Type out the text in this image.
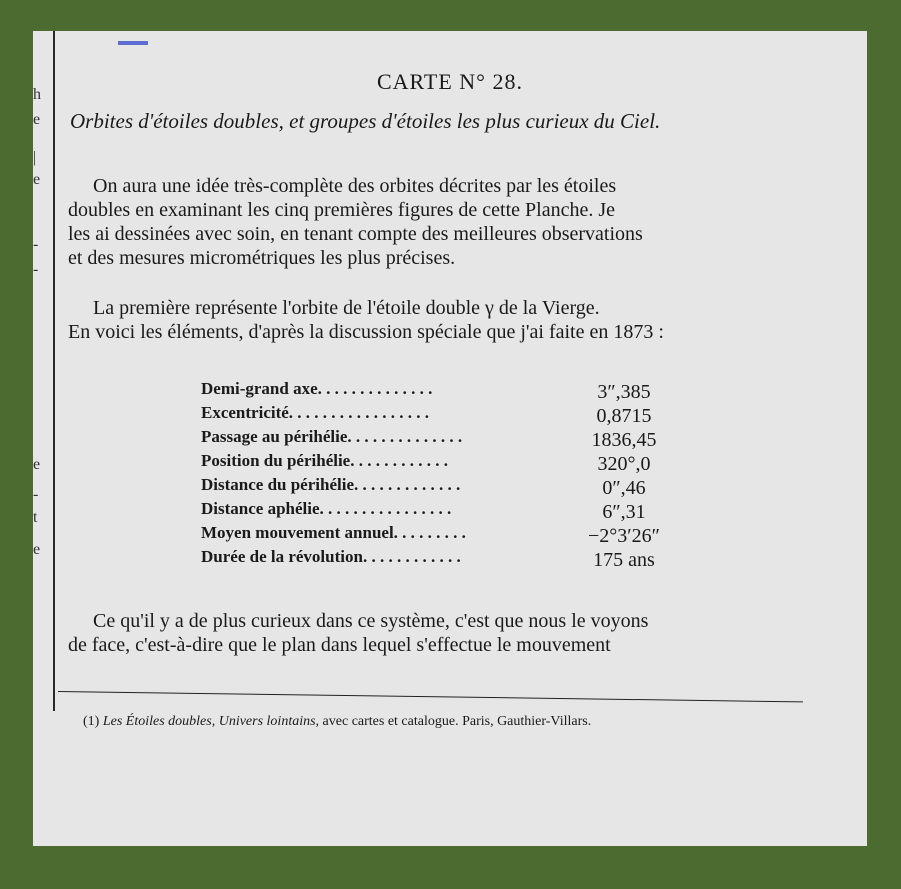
h
e
|
e
-
-
e
-
t
e
CARTE N° 28.
Orbites d'étoiles doubles, et groupes d'étoiles les plus curieux du Ciel.
On aura une idée très-complète des orbites décrites par les étoiles
doubles en examinant les cinq premières figures de cette Planche. Je
les ai dessinées avec soin, en tenant compte des meilleures observations
et des mesures micrométriques les plus précises.
La première représente l'orbite de l'étoile double γ de la Vierge.
En voici les éléments, d'après la discussion spéciale que j'ai faite en 1873 :
Demi-grand axe. . . . . . . . . . . . . .	3″,385
Excentricité. . . . . . . . . . . . . . . . .	0,8715
Passage au périhélie. . . . . . . . . . . . . .	1836,45
Position du périhélie. . . . . . . . . . . .	320°,0
Distance du périhélie. . . . . . . . . . . . .	0″,46
Distance aphélie. . . . . . . . . . . . . . . .	6″,31
Moyen mouvement annuel. . . . . . . . .	−2°3′26″
Durée de la révolution. . . . . . . . . . . .	175 ans
Ce qu'il y a de plus curieux dans ce système, c'est que nous le voyons
de face, c'est-à-dire que le plan dans lequel s'effectue le mouvement
(1) Les Étoiles doubles, Univers lointains, avec cartes et catalogue. Paris, Gauthier-Villars.
